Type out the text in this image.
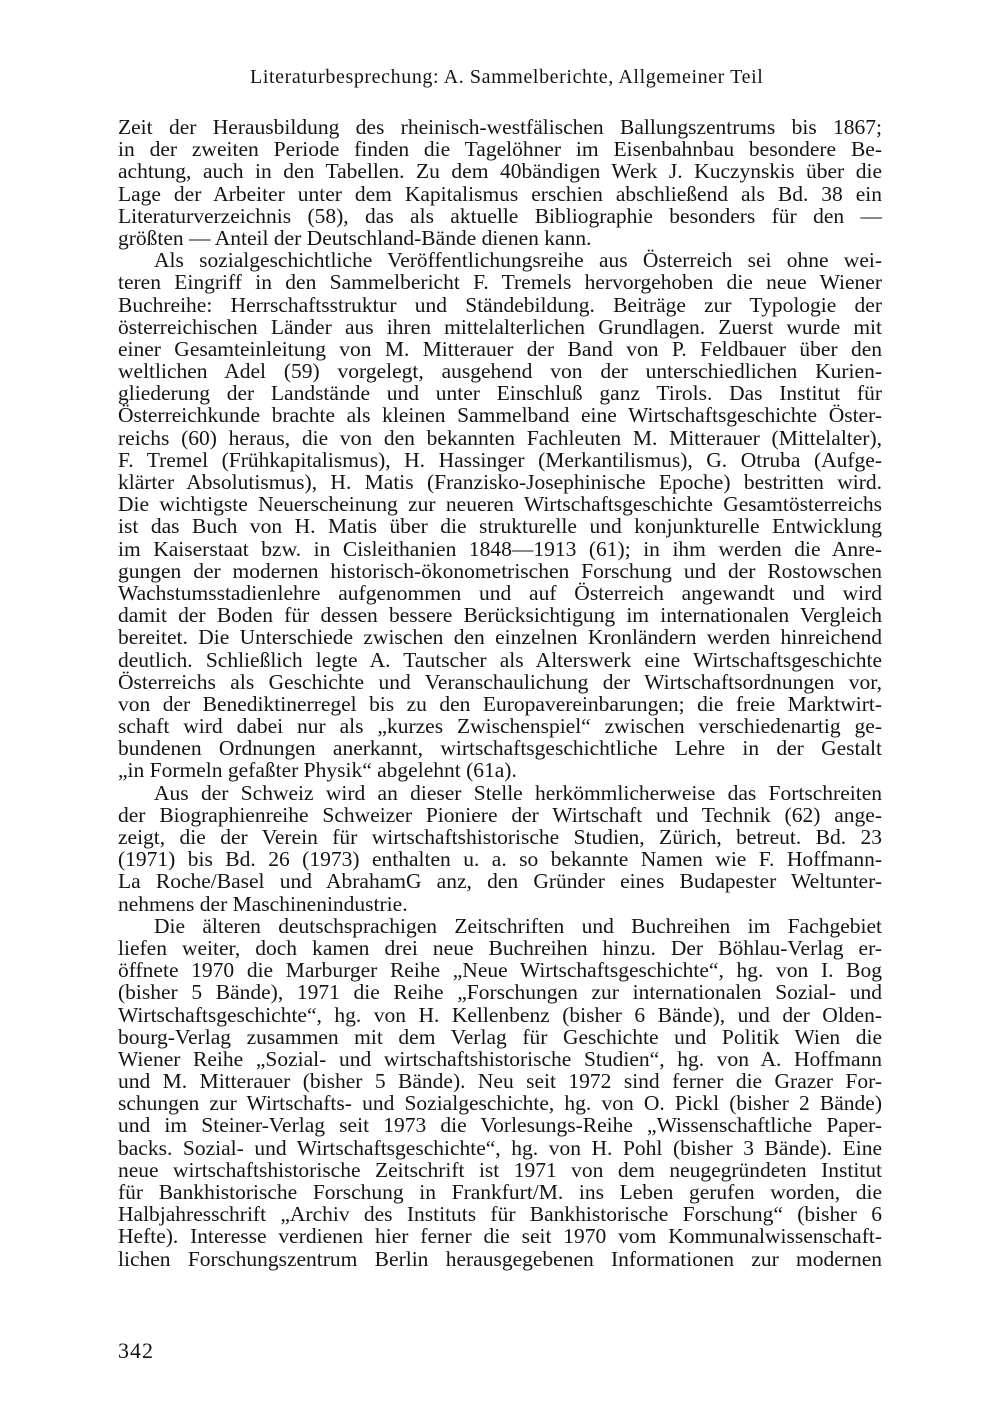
Literaturbesprechung: A. Sammelberichte, Allgemeiner Teil
Zeit der Herausbildung des rheinisch-westfälischen Ballungszentrums bis 1867;
in der zweiten Periode finden die Tagelöhner im Eisenbahnbau besondere Be-
achtung, auch in den Tabellen. Zu dem 40bändigen Werk J. Kuczynskis über die
Lage der Arbeiter unter dem Kapitalismus erschien abschließend als Bd. 38 ein
Literaturverzeichnis (58), das als aktuelle Bibliographie besonders für den —
größten — Anteil der Deutschland-Bände dienen kann.
Als sozialgeschichtliche Veröffentlichungsreihe aus Österreich sei ohne wei-
teren Eingriff in den Sammelbericht F. Tremels hervorgehoben die neue Wiener
Buchreihe: Herrschaftsstruktur und Ständebildung. Beiträge zur Typologie der
österreichischen Länder aus ihren mittelalterlichen Grundlagen. Zuerst wurde mit
einer Gesamteinleitung von M. Mitterauer der Band von P. Feldbauer über den
weltlichen Adel (59) vorgelegt, ausgehend von der unterschiedlichen Kurien-
gliederung der Landstände und unter Einschluß ganz Tirols. Das Institut für
Österreichkunde brachte als kleinen Sammelband eine Wirtschaftsgeschichte Öster-
reichs (60) heraus, die von den bekannten Fachleuten M. Mitterauer (Mittelalter),
F. Tremel (Frühkapitalismus), H. Hassinger (Merkantilismus), G. Otruba (Aufge-
klärter Absolutismus), H. Matis (Franzisko-Josephinische Epoche) bestritten wird.
Die wichtigste Neuerscheinung zur neueren Wirtschaftsgeschichte Gesamtösterreichs
ist das Buch von H. Matis über die strukturelle und konjunkturelle Entwicklung
im Kaiserstaat bzw. in Cisleithanien 1848—1913 (61); in ihm werden die Anre-
gungen der modernen historisch-ökonometrischen Forschung und der Rostowschen
Wachstumsstadienlehre aufgenommen und auf Österreich angewandt und wird
damit der Boden für dessen bessere Berücksichtigung im internationalen Vergleich
bereitet. Die Unterschiede zwischen den einzelnen Kronländern werden hinreichend
deutlich. Schließlich legte A. Tautscher als Alterswerk eine Wirtschaftsgeschichte
Österreichs als Geschichte und Veranschaulichung der Wirtschaftsordnungen vor,
von der Benediktinerregel bis zu den Europavereinbarungen; die freie Marktwirt-
schaft wird dabei nur als „kurzes Zwischenspiel“ zwischen verschiedenartig ge-
bundenen Ordnungen anerkannt, wirtschaftsgeschichtliche Lehre in der Gestalt
„in Formeln gefaßter Physik“ abgelehnt (61a).
Aus der Schweiz wird an dieser Stelle herkömmlicherweise das Fortschreiten
der Biographienreihe Schweizer Pioniere der Wirtschaft und Technik (62) ange-
zeigt, die der Verein für wirtschaftshistorische Studien, Zürich, betreut. Bd. 23
(1971) bis Bd. 26 (1973) enthalten u. a. so bekannte Namen wie F. Hoffmann-
La Roche/Basel und AbrahamG anz, den Gründer eines Budapester Weltunter-
nehmens der Maschinenindustrie.
Die älteren deutschsprachigen Zeitschriften und Buchreihen im Fachgebiet
liefen weiter, doch kamen drei neue Buchreihen hinzu. Der Böhlau-Verlag er-
öffnete 1970 die Marburger Reihe „Neue Wirtschaftsgeschichte“, hg. von I. Bog
(bisher 5 Bände), 1971 die Reihe „Forschungen zur internationalen Sozial- und
Wirtschaftsgeschichte“, hg. von H. Kellenbenz (bisher 6 Bände), und der Olden-
bourg-Verlag zusammen mit dem Verlag für Geschichte und Politik Wien die
Wiener Reihe „Sozial- und wirtschaftshistorische Studien“, hg. von A. Hoffmann
und M. Mitterauer (bisher 5 Bände). Neu seit 1972 sind ferner die Grazer For-
schungen zur Wirtschafts- und Sozialgeschichte, hg. von O. Pickl (bisher 2 Bände)
und im Steiner-Verlag seit 1973 die Vorlesungs-Reihe „Wissenschaftliche Paper-
backs. Sozial- und Wirtschaftsgeschichte“, hg. von H. Pohl (bisher 3 Bände). Eine
neue wirtschaftshistorische Zeitschrift ist 1971 von dem neugegründeten Institut
für Bankhistorische Forschung in Frankfurt/M. ins Leben gerufen worden, die
Halbjahresschrift „Archiv des Instituts für Bankhistorische Forschung“ (bisher 6
Hefte). Interesse verdienen hier ferner die seit 1970 vom Kommunalwissenschaft-
lichen Forschungszentrum Berlin herausgegebenen Informationen zur modernen
342
